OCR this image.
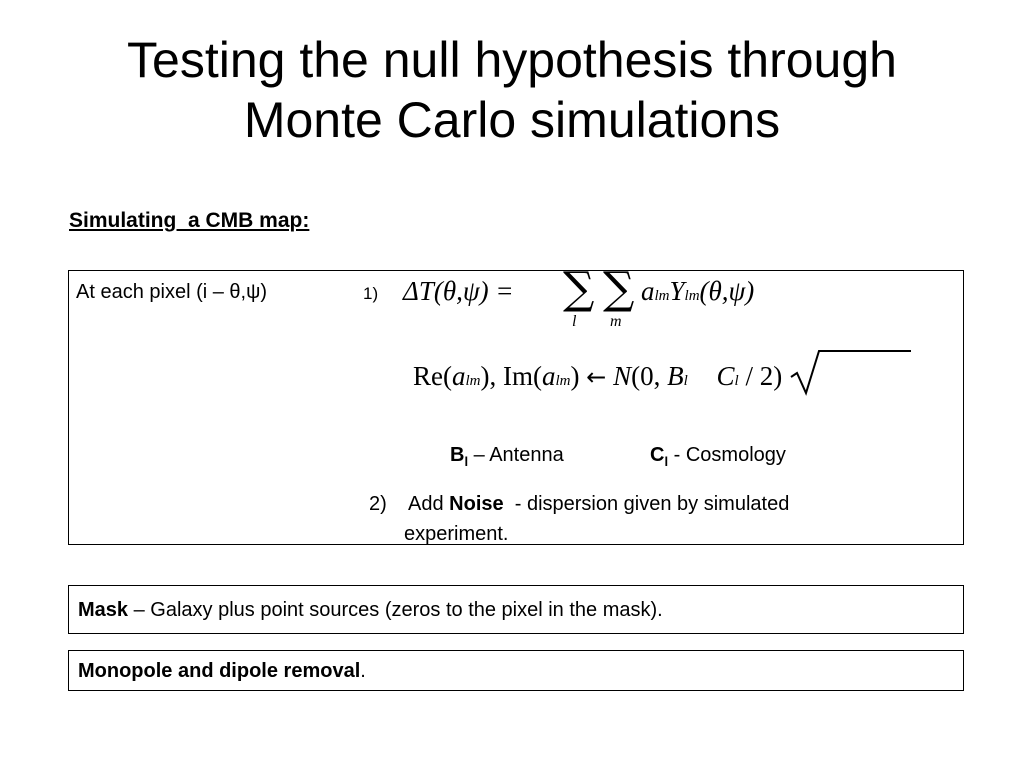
Testing the null hypothesis through
Monte Carlo simulations
Simulating  a CMB map:
At each pixel (i – θ,ψ)	1) ΔT(θ,ψ) = ∑
l
∑
m
almYlm(θ,ψ)
Re(alm), Im(alm) ← N(0, Bl Cl / 2)
$B_l$ – Antenna	$C_l$ - Cosmology
2) Add Noise  - dispersion given by simulated
experiment.
Mask – Galaxy plus point sources (zeros to the pixel in the mask).
Monopole and dipole removal.
